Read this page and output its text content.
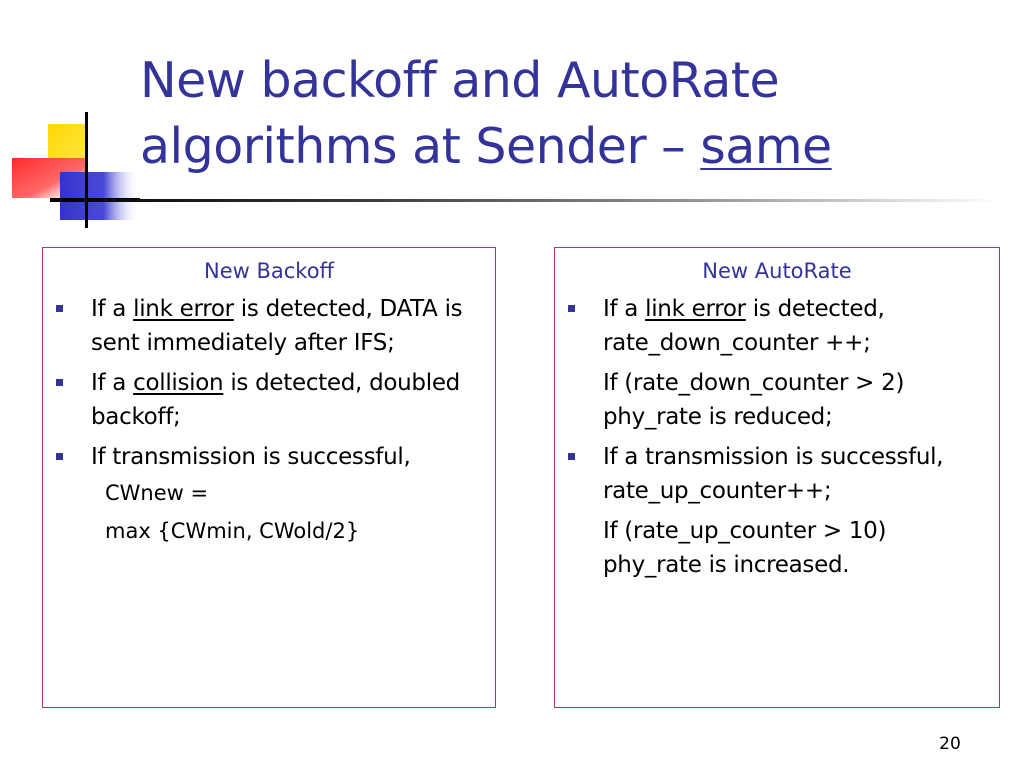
New backoff and AutoRate
algorithms at Sender – same
New Backoff
If a link error is detected, DATA is sent immediately after IFS;
If a collision is detected, doubled backoff;
If transmission is successful,
CWnew =
max {CWmin, CWold/2}
New AutoRate
If a link error is detected, rate_down_counter ++;
If (rate_down_counter > 2) phy_rate is reduced;
If a transmission is successful, rate_up_counter++;
If (rate_up_counter > 10) phy_rate is increased.
20
